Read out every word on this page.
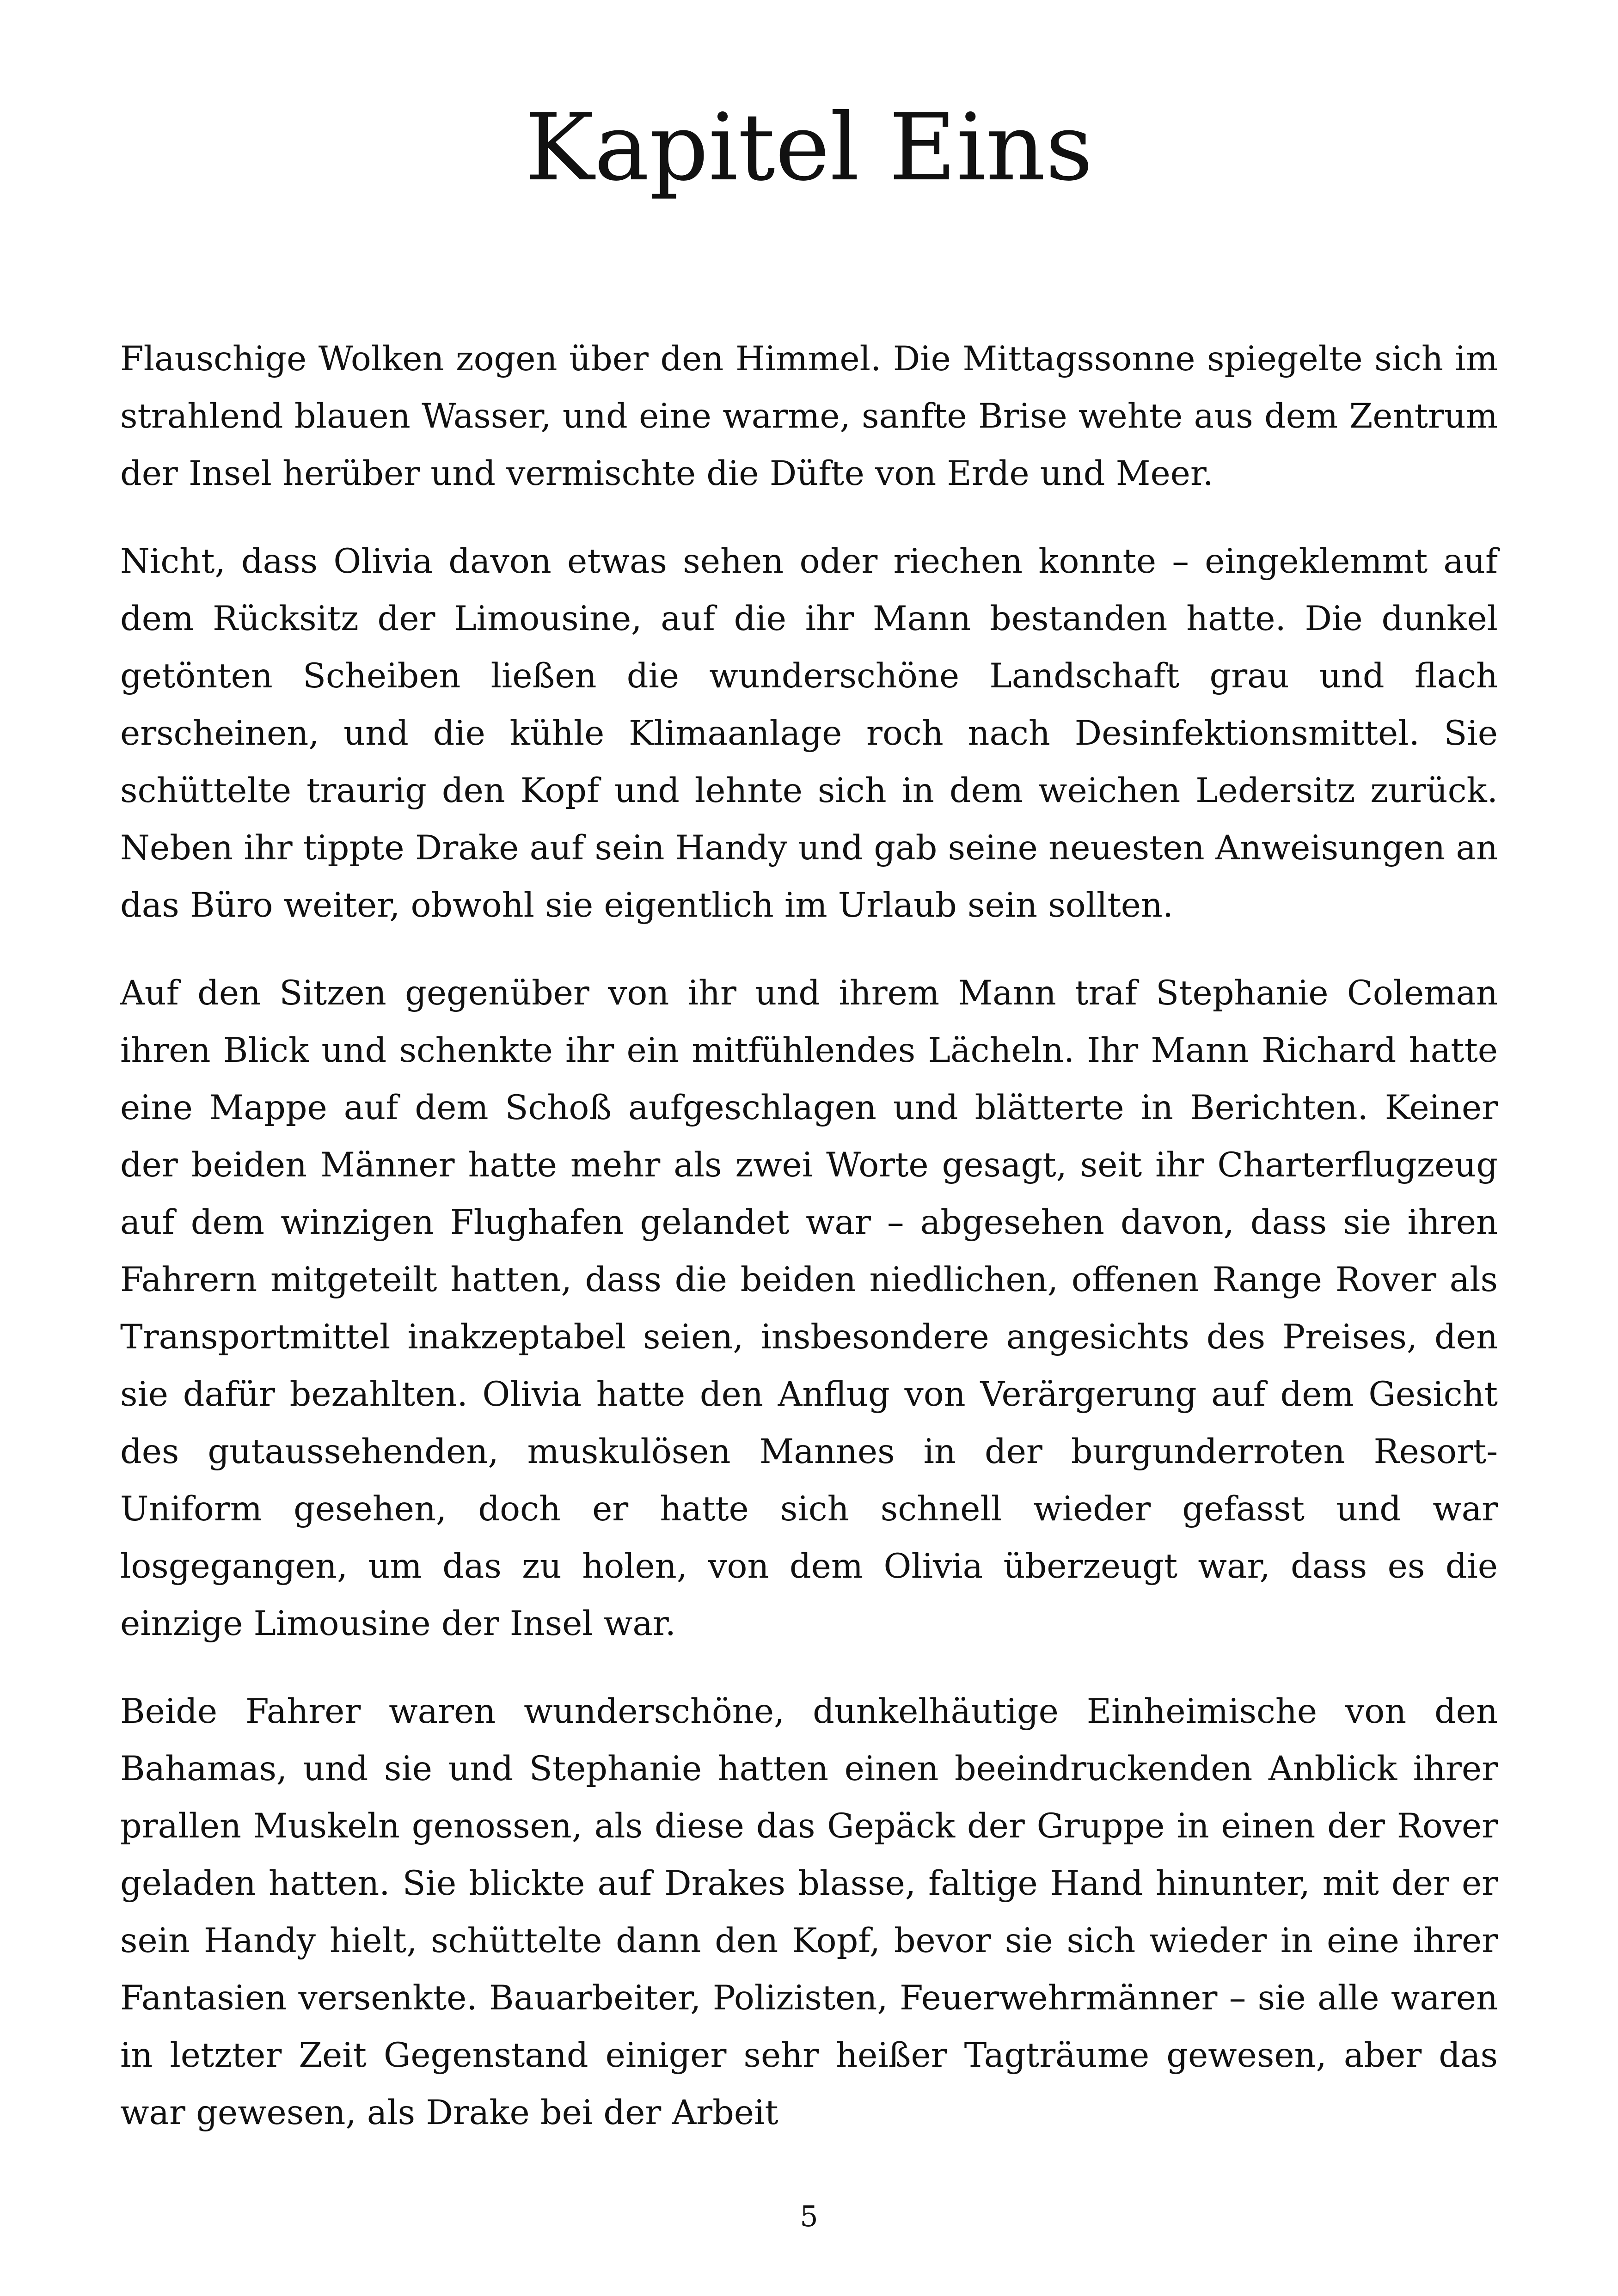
Kapitel Eins

Flauschige Wolken zogen über den Himmel. Die Mittagssonne spiegelte sich im strahlend blauen Wasser, und eine warme, sanfte Brise wehte aus dem Zentrum der Insel herüber und vermischte die Düfte von Erde und Meer.

Nicht, dass Olivia davon etwas sehen oder riechen konnte – eingeklemmt auf dem Rücksitz der Limousine, auf die ihr Mann bestanden hatte. Die dunkel getönten Scheiben ließen die wunderschöne Landschaft grau und flach erscheinen, und die kühle Klimaanlage roch nach Desinfektionsmittel. Sie schüttelte traurig den Kopf und lehnte sich in dem weichen Ledersitz zurück. Neben ihr tippte Drake auf sein Handy und gab seine neuesten Anweisungen an das Büro weiter, obwohl sie eigentlich im Urlaub sein sollten.

Auf den Sitzen gegenüber von ihr und ihrem Mann traf Stephanie Coleman ihren Blick und schenkte ihr ein mitfühlendes Lächeln. Ihr Mann Richard hatte eine Mappe auf dem Schoß aufgeschlagen und blätterte in Berichten. Keiner der beiden Männer hatte mehr als zwei Worte gesagt, seit ihr Charterflugzeug auf dem winzigen Flughafen gelandet war – abgesehen davon, dass sie ihren Fahrern mitgeteilt hatten, dass die beiden niedlichen, offenen Range Rover als Transportmittel inakzeptabel seien, insbesondere angesichts des Preises, den sie dafür bezahlten. Olivia hatte den Anflug von Verärgerung auf dem Gesicht des gutaussehenden, muskulösen Mannes in der burgunderroten Resort-Uniform gesehen, doch er hatte sich schnell wieder gefasst und war losgegangen, um das zu holen, von dem Olivia überzeugt war, dass es die einzige Limousine der Insel war.

Beide Fahrer waren wunderschöne, dunkelhäutige Einheimische von den Bahamas, und sie und Stephanie hatten einen beeindruckenden Anblick ihrer prallen Muskeln genossen, als diese das Gepäck der Gruppe in einen der Rover geladen hatten. Sie blickte auf Drakes blasse, faltige Hand hinunter, mit der er sein Handy hielt, schüttelte dann den Kopf, bevor sie sich wieder in eine ihrer Fantasien versenkte. Bauarbeiter, Polizisten, Feuerwehrmänner – sie alle waren in letzter Zeit Gegenstand einiger sehr heißer Tagträume gewesen, aber das war gewesen, als Drake bei der Arbeit

5
